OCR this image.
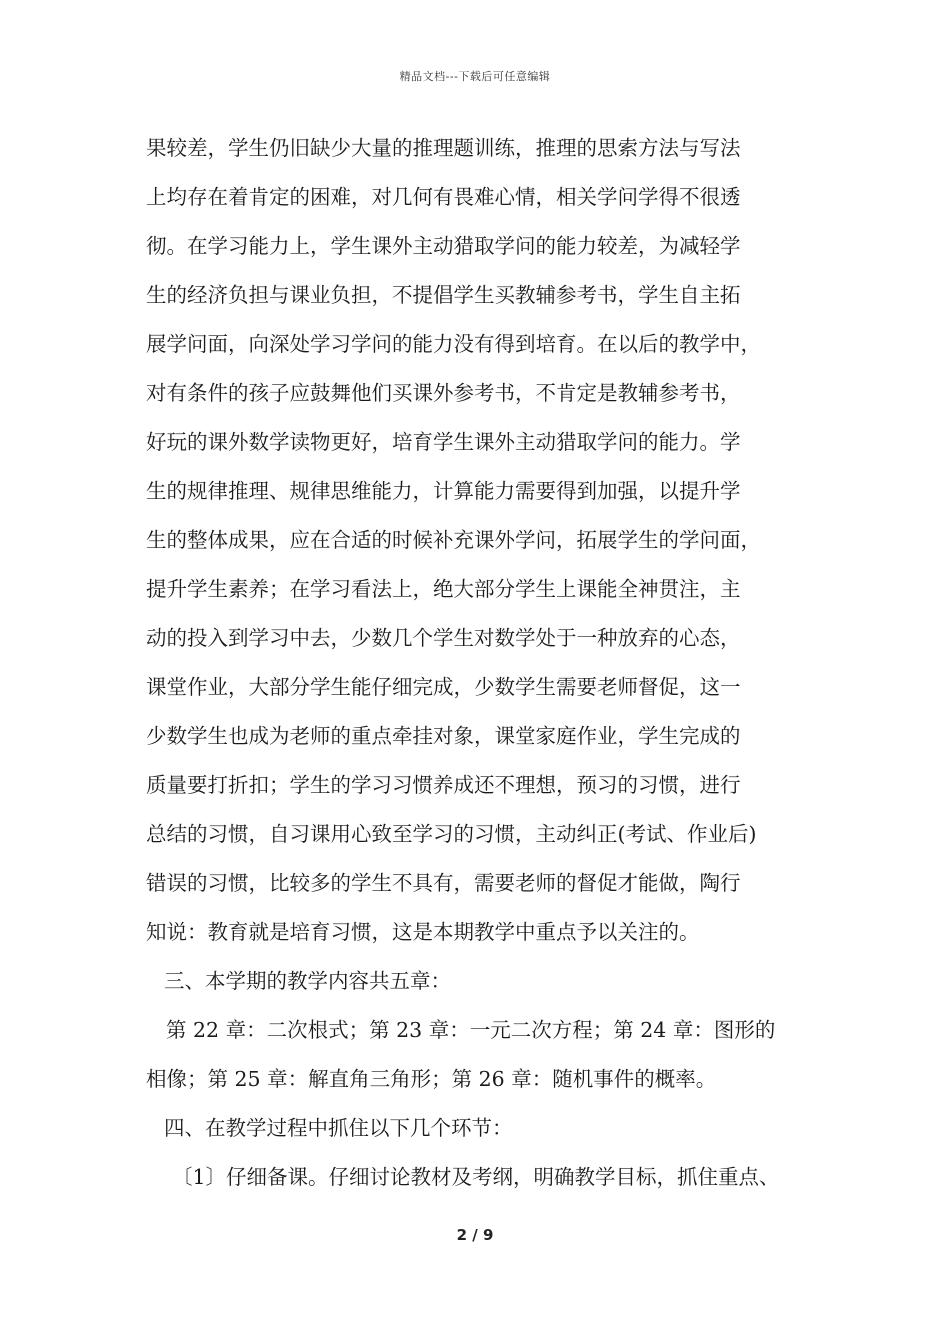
精品文档---下载后可任意编辑
果较差，学生仍旧缺少大量的推理题训练，推理的思索方法与写法
上均存在着肯定的困难，对几何有畏难心情，相关学问学得不很透
彻。在学习能力上，学生课外主动猎取学问的能力较差，为减轻学
生的经济负担与课业负担，不提倡学生买教辅参考书，学生自主拓
展学问面，向深处学习学问的能力没有得到培育。在以后的教学中，
对有条件的孩子应鼓舞他们买课外参考书，不肯定是教辅参考书，
好玩的课外数学读物更好，培育学生课外主动猎取学问的能力。学
生的规律推理、规律思维能力，计算能力需要得到加强，以提升学
生的整体成果，应在合适的时候补充课外学问，拓展学生的学问面，
提升学生素养；在学习看法上，绝大部分学生上课能全神贯注，主
动的投入到学习中去，少数几个学生对数学处于一种放弃的心态，
课堂作业，大部分学生能仔细完成，少数学生需要老师督促，这一
少数学生也成为老师的重点牵挂对象，课堂家庭作业，学生完成的
质量要打折扣；学生的学习习惯养成还不理想，预习的习惯，进行
总结的习惯，自习课用心致至学习的习惯，主动纠正(考试、作业后)
错误的习惯，比较多的学生不具有，需要老师的督促才能做，陶行
知说：教育就是培育习惯，这是本期教学中重点予以关注的。
三、本学期的教学内容共五章：
第 22 章：二次根式；第 23 章：一元二次方程；第 24 章：图形的
相像；第 25 章：解直角三角形；第 26 章：随机事件的概率。
四、在教学过程中抓住以下几个环节：
〔1〕仔细备课。仔细讨论教材及考纲，明确教学目标，抓住重点、
2 / 9
